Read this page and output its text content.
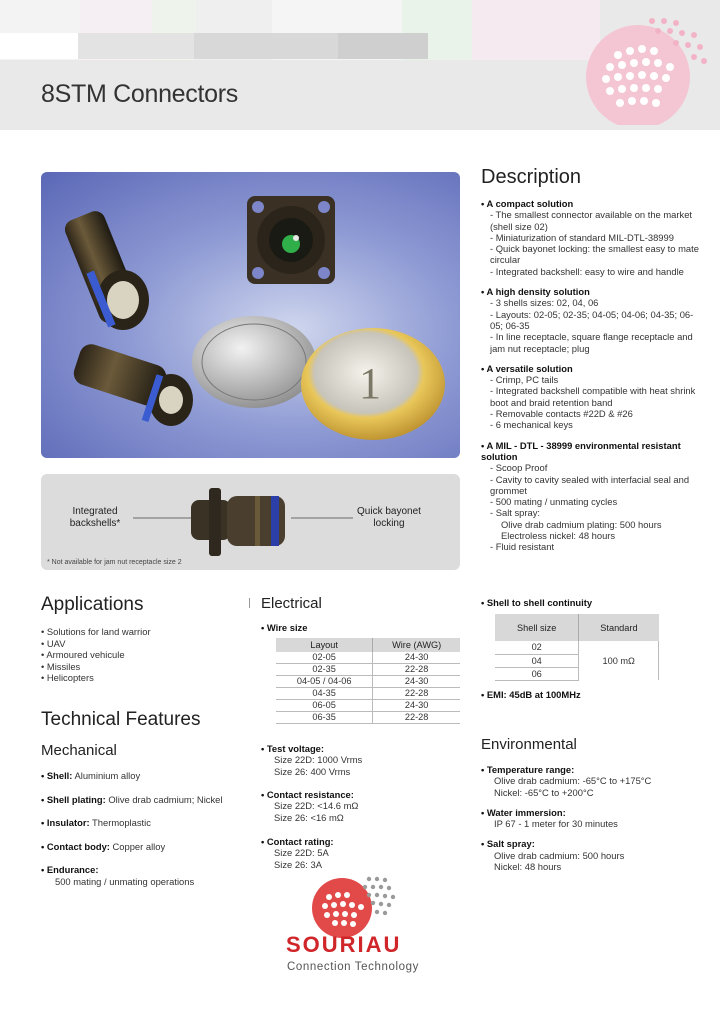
8STM Connectors
1
Integrated backshells*
Quick bayonet locking
* Not available for jam nut receptacle size 2
Description
• A compact solution
- The smallest connector available on the market (shell size 02)
- Miniaturization of standard MIL-DTL-38999
- Quick bayonet locking: the smallest easy to mate circular
- Integrated backshell: easy to wire and handle
• A high density solution
- 3 shells sizes: 02, 04, 06
- Layouts: 02-05; 02-35; 04-05; 04-06; 04-35; 06-05; 06-35
- In line receptacle, square flange receptacle and jam nut receptacle; plug
• A versatile solution
- Crimp, PC tails
- Integrated backshell compatible with heat shrink boot and braid retention band
- Removable contacts #22D & #26
- 6 mechanical keys
• A MIL - DTL - 38999 environmental resistant solution
- Scoop Proof
- Cavity to cavity sealed with interfacial seal and grommet
- 500 mating / unmating cycles
- Salt spray:
Olive drab cadmium plating: 500 hours
Electroless nickel: 48 hours
- Fluid resistant
Applications
• Solutions for land warrior
• UAV
• Armoured vehicule
• Missiles
• Helicopters
Technical Features
Mechanical
• Shell: Aluminium alloy
• Shell plating: Olive drab cadmium; Nickel
• Insulator: Thermoplastic
• Contact body: Copper alloy
• Endurance:
500 mating / unmating operations
Electrical
• Wire size
Layout	Wire (AWG)
02-05	24-30
02-35	22-28
04-05 / 04-06	24-30
04-35	22-28
06-05	24-30
06-35	22-28
• Test voltage:
Size 22D: 1000 Vrms
Size 26: 400 Vrms
• Contact resistance:
Size 22D: <14.6 mΩ
Size 26: <16 mΩ
• Contact rating:
Size 22D: 5A
Size 26: 3A
• Shell to shell continuity
Shell size	Standard
02	100 mΩ
04	
06	
• EMI: 45dB at 100MHz
Environmental
• Temperature range:
Olive drab cadmium: -65°C to +175°C
Nickel: -65°C to +200°C
• Water immersion:
IP 67 - 1 meter for 30 minutes
• Salt spray:
Olive drab cadmium: 500 hours
Nickel: 48 hours
SOURIAU
Connection Technology
